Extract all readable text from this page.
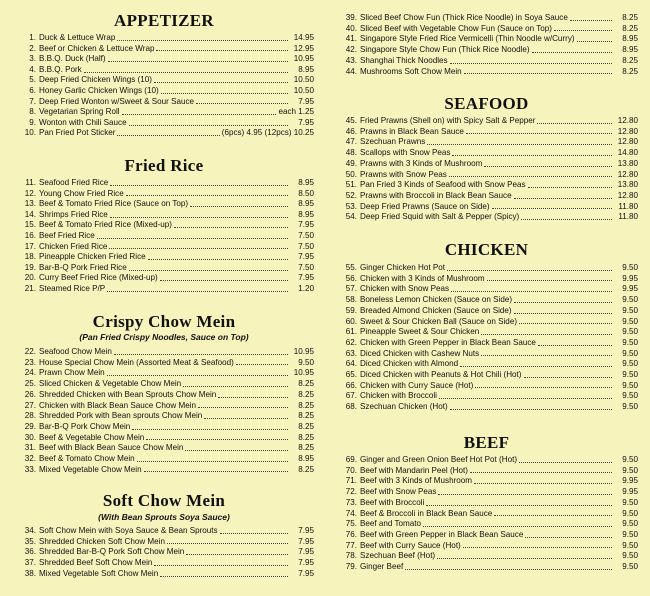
APPETIZER
1. Duck & Lettuce Wrap	14.95
2. Beef or Chicken & Lettuce Wrap	12.95
3. B.B.Q. Duck (Half)	10.95
4. B.B.Q. Pork	8.95
5. Deep Fried Chicken Wings (10)	10.50
6. Honey Garlic Chicken Wings (10)	10.50
7. Deep Fried Wonton w/Sweet & Sour Sauce	7.95
8. Vegetarian Spring Roll	each 1.25
9. Wonton with Chili Sauce	7.95
10. Pan Fried Pot Sticker	(6pcs) 4.95 (12pcs) 10.25
Fried Rice
11. Seafood Fried Rice	8.95
12. Young Chow Fried Rice	8.50
13. Beef & Tomato Fried Rice (Sauce on Top)	8.95
14. Shrimps Fried Rice	8.95
15. Beef & Tomato Fried Rice (Mixed-up)	7.95
16. Beef Fried Rice	7.50
17. Chicken Fried Rice	7.50
18. Pineapple Chicken Fried Rice	7.95
19. Bar-B-Q Pork Fried Rice	7.50
20. Curry Beef Fried Rice (Mixed-up)	7.95
21. Steamed Rice P/P	1.20
Crispy Chow Mein
(Pan Fried Crispy Noodles, Sauce on Top)
22. Seafood Chow Mein	10.95
23. House Special Chow Mein (Assorted Meat & Seafood)	9.50
24. Prawn Chow Mein	10.95
25. Sliced Chicken & Vegetable Chow Mein	8.25
26. Shredded Chicken with Bean Sprouts Chow Mein	8.25
27. Chicken with Black Bean Sauce Chow Mein	8.25
28. Shredded Pork with Bean sprouts Chow Mein	8.25
29. Bar-B-Q Pork Chow Mein	8.25
30. Beef & Vegetable Chow Mein	8.25
31. Beef with Black Bean Sauce Chow Mein	8.25
32. Beef & Tomato Chow Mein	8.95
33. Mixed Vegetable Chow Mein	8.25
Soft Chow Mein
(With Bean Sprouts Soya Sauce)
34. Soft Chow Mein with Soya Sauce & Bean Sprouts	7.95
35. Shredded Chicken Soft Chow Mein	7.95
36. Shredded Bar-B-Q Pork Soft Chow Mein	7.95
37. Shredded Beef Soft Chow Mein	7.95
38. Mixed Vegetable Soft Chow Mein	7.95
39. Sliced Beef Chow Fun (Thick Rice Noodle) in Soya Sauce	8.25
40. Sliced Beef with Vegetable Chow Fun (Sauce on Top)	8.25
41. Singapore Style Fried Rice Vermicelli (Thin Noodle w/Curry)	8.95
42. Singapore Style Chow Fun (Thick Rice Noodle)	8.95
43. Shanghai Thick Noodles	8.25
44. Mushrooms Soft Chow Mein	8.25
SEAFOOD
45. Fried Prawns (Shell on) with Spicy Salt & Pepper	12.80
46. Prawns in Black Bean Sauce	12.80
47. Szechuan Prawns	12.80
48. Scallops with Snow Peas	14.80
49. Prawns with 3 Kinds of Mushroom	13.80
50. Prawns with Snow Peas	12.80
51. Pan Fried 3 Kinds of Seafood with Snow Peas	13.80
52. Prawns with Broccoli in Black Bean Sauce	12.80
53. Deep Fried Prawns (Sauce on Side)	11.80
54. Deep Fried Squid with Salt & Pepper (Spicy)	11.80
CHICKEN
55. Ginger Chicken Hot Pot	9.50
56. Chicken with 3 Kinds of Mushroom	9.95
57. Chicken with Snow Peas	9.95
58. Boneless Lemon Chicken (Sauce on Side)	9.50
59. Breaded Almond Chicken (Sauce on Side)	9.50
60. Sweet & Sour Chicken Ball (Sauce on Side)	9.50
61. Pineapple Sweet & Sour Chicken	9.50
62. Chicken with Green Pepper in Black Bean Sauce	9.50
63. Diced Chicken with Cashew Nuts	9.50
64. Diced Chicken with Almond	9.50
65. Diced Chicken with Peanuts & Hot Chili (Hot)	9.50
66. Chicken with Curry Sauce (Hot)	9.50
67. Chicken with Broccoli	9.50
68. Szechuan Chicken (Hot)	9.50
BEEF
69. Ginger and Green Onion Beef Hot Pot (Hot)	9.50
70. Beef with Mandarin Peel (Hot)	9.50
71. Beef with 3 Kinds of Mushroom	9.95
72. Beef with Snow Peas	9.95
73. Beef with Broccoli	9.50
74. Beef & Broccoli in Black Bean Sauce	9.50
75. Beef and Tomato	9.50
76. Beef with Green Pepper in Black Bean Sauce	9.50
77. Beef with Curry Sauce (Hot)	9.50
78. Szechuan Beef (Hot)	9.50
79. Ginger Beef	9.50
